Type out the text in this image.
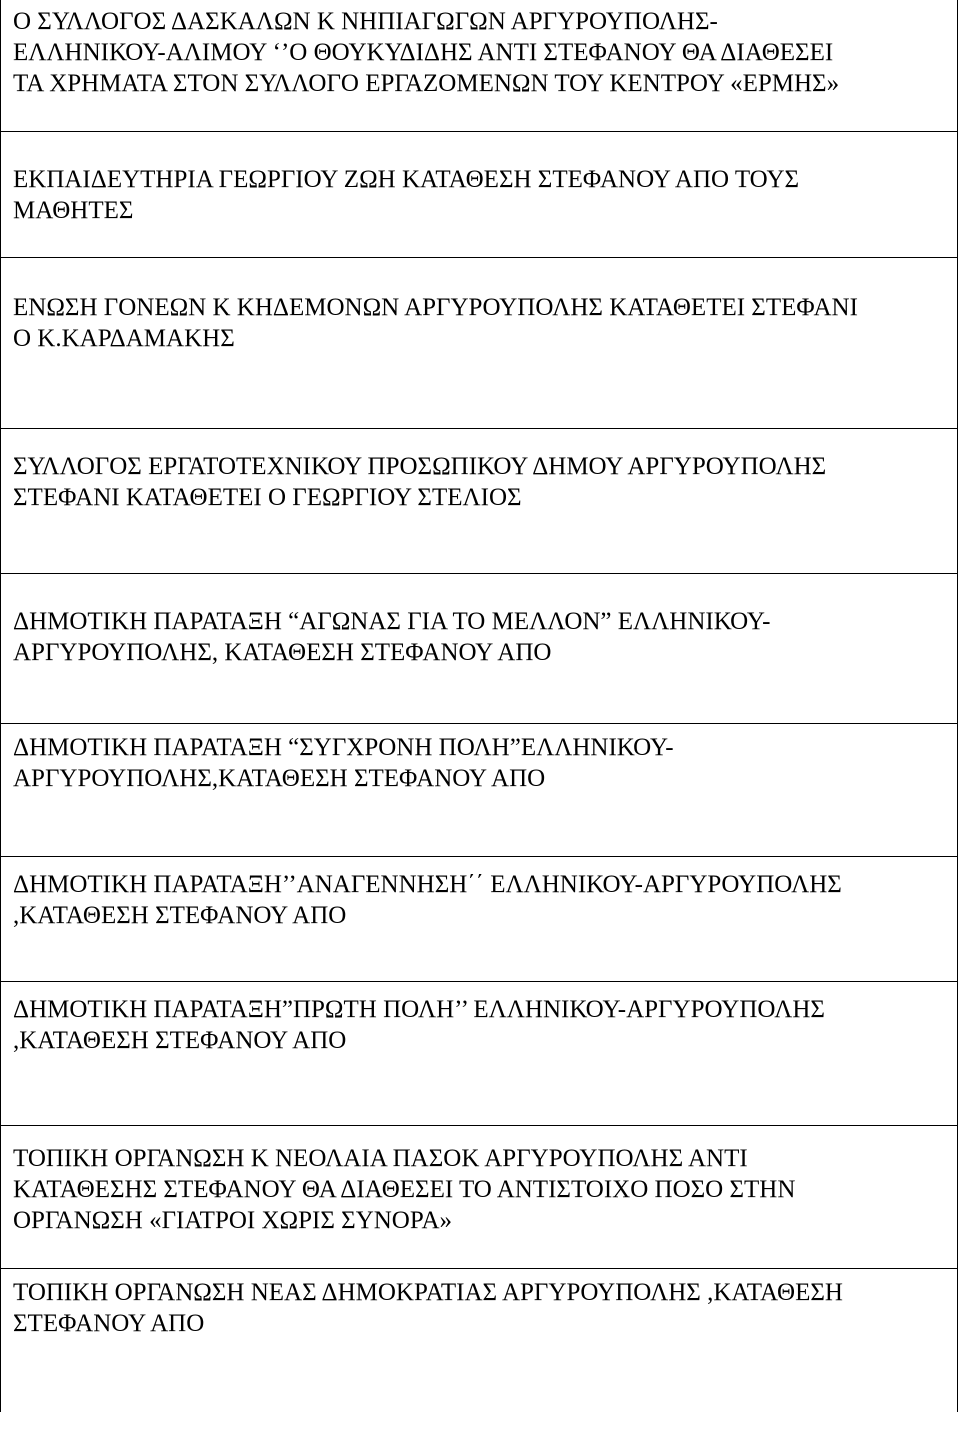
Ο ΣΥΛΛΟΓΟΣ ΔΑΣΚΑΛΩΝ Κ ΝΗΠΙΑΓΩΓΩΝ ΑΡΓΥΡΟΥΠΟΛΗΣ-
ΕΛΛΗΝΙΚΟΥ-ΑΛΙΜΟΥ ‘’Ο ΘΟΥΚΥΔΙΔΗΣ ΑΝΤΙ ΣΤΕΦΑΝΟΥ ΘΑ ΔΙΑΘΕΣΕΙ
ΤΑ ΧΡΗΜΑΤΑ ΣΤΟΝ ΣΥΛΛΟΓΟ ΕΡΓΑΖΟΜΕΝΩΝ ΤΟΥ ΚΕΝΤΡΟΥ «ΕΡΜΗΣ»

ΕΚΠΑΙΔΕΥΤΗΡΙΑ ΓΕΩΡΓΙΟΥ ΖΩΗ ΚΑΤΑΘΕΣΗ ΣΤΕΦΑΝΟΥ ΑΠΟ ΤΟΥΣ
ΜΑΘΗΤΕΣ

ΕΝΩΣΗ ΓΟΝΕΩΝ Κ ΚΗΔΕΜΟΝΩΝ ΑΡΓΥΡΟΥΠΟΛΗΣ ΚΑΤΑΘΕΤΕΙ ΣΤΕΦΑΝΙ
Ο Κ.ΚΑΡΔΑΜΑΚΗΣ

ΣΥΛΛΟΓΟΣ ΕΡΓΑΤΟΤΕΧΝΙΚΟΥ ΠΡΟΣΩΠΙΚΟΥ ΔΗΜΟΥ ΑΡΓΥΡΟΥΠΟΛΗΣ
ΣΤΕΦΑΝΙ ΚΑΤΑΘΕΤΕΙ Ο ΓΕΩΡΓΙΟΥ ΣΤΕΛΙΟΣ

ΔΗΜΟΤΙΚΗ ΠΑΡΑΤΑΞΗ “ΑΓΩΝΑΣ ΓΙΑ ΤΟ ΜΕΛΛΟΝ” ΕΛΛΗΝΙΚΟΥ-
ΑΡΓΥΡΟΥΠΟΛΗΣ, ΚΑΤΑΘΕΣΗ ΣΤΕΦΑΝΟΥ ΑΠΟ

ΔΗΜΟΤΙΚΗ ΠΑΡΑΤΑΞΗ “ΣΥΓΧΡΟΝΗ ΠΟΛΗ”ΕΛΛΗΝΙΚΟΥ-
ΑΡΓΥΡΟΥΠΟΛΗΣ,ΚΑΤΑΘΕΣΗ ΣΤΕΦΑΝΟΥ ΑΠΟ

ΔΗΜΟΤΙΚΗ ΠΑΡΑΤΑΞΗ’’ΑΝΑΓΕΝΝΗΣΗ΄΄ ΕΛΛΗΝΙΚΟΥ-ΑΡΓΥΡΟΥΠΟΛΗΣ
,ΚΑΤΑΘΕΣΗ ΣΤΕΦΑΝΟΥ ΑΠΟ

ΔΗΜΟΤΙΚΗ ΠΑΡΑΤΑΞΗ”ΠΡΩΤΗ ΠΟΛΗ’’ ΕΛΛΗΝΙΚΟΥ-ΑΡΓΥΡΟΥΠΟΛΗΣ
,ΚΑΤΑΘΕΣΗ ΣΤΕΦΑΝΟΥ ΑΠΟ

ΤΟΠΙΚΗ ΟΡΓΑΝΩΣΗ Κ ΝΕΟΛΑΙΑ ΠΑΣΟΚ ΑΡΓΥΡΟΥΠΟΛΗΣ ΑΝΤΙ
ΚΑΤΑΘΕΣΗΣ ΣΤΕΦΑΝΟΥ ΘΑ ΔΙΑΘΕΣΕΙ ΤΟ ΑΝΤΙΣΤΟΙΧΟ ΠΟΣΟ ΣΤΗΝ
ΟΡΓΑΝΩΣΗ «ΓΙΑΤΡΟΙ ΧΩΡΙΣ ΣΥΝΟΡΑ»

ΤΟΠΙΚΗ ΟΡΓΑΝΩΣΗ ΝΕΑΣ ΔΗΜΟΚΡΑΤΙΑΣ ΑΡΓΥΡΟΥΠΟΛΗΣ ,ΚΑΤΑΘΕΣΗ
ΣΤΕΦΑΝΟΥ ΑΠΟ
